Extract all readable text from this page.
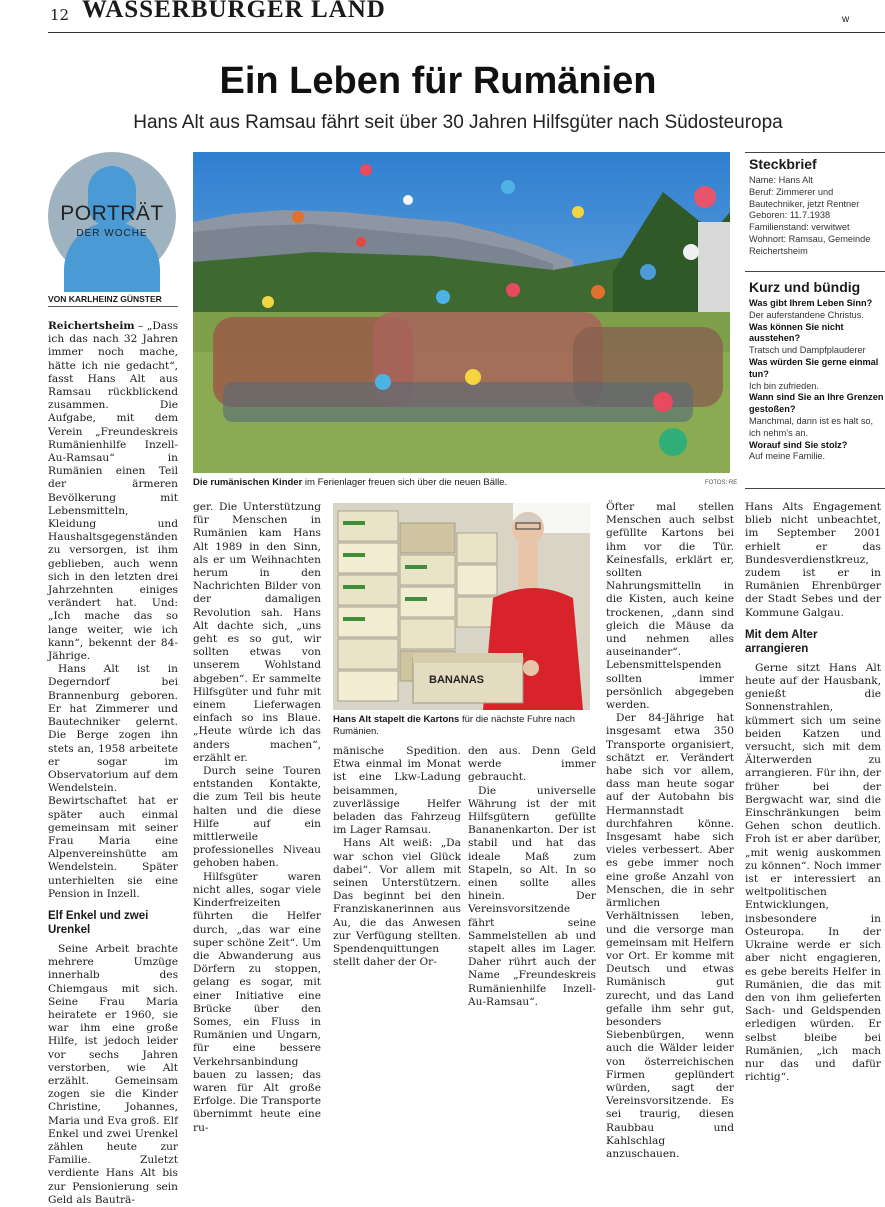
12 WASSERBURGER LAND	w
Ein Leben für Rumänien
Hans Alt aus Ramsau fährt seit über 30 Jahren Hilfsgüter nach Südosteuropa
PORTRÄT
DER WOCHE
VON KARLHEINZ GÜNSTER

Reichertsheim – „Dass ich das nach 32 Jahren immer noch mache, hätte ich nie gedacht“, fasst Hans Alt aus Ramsau rückblickend zusammen. Die Aufgabe, mit dem Verein „Freundeskreis Rumänienhilfe Inzell-Au-Ramsau“ in Rumänien einen Teil der ärmeren Bevölkerung mit Lebensmitteln, Kleidung und Haushaltsgegenständen zu versorgen, ist ihm geblieben, auch wenn sich in den letzten drei Jahrzehnten einiges verändert hat. Und: „Ich mache das so lange weiter, wie ich kann“, bekennt der 84-Jährige.

Hans Alt ist in Degerndorf bei Brannenburg geboren. Er hat Zimmerer und Bautechniker gelernt. Die Berge zogen ihn stets an, 1958 arbeitete er sogar im Observatorium auf dem Wendelstein. Bewirtschaftet hat er später auch einmal gemeinsam mit seiner Frau Maria eine Alpenvereinshütte am Wendelstein. Später unterhielten sie eine Pension in Inzell.

Elf Enkel und zwei Urenkel

Seine Arbeit brachte mehrere Umzüge innerhalb des Chiemgaus mit sich. Seine Frau Maria heiratete er 1960, sie war ihm eine große Hilfe, ist jedoch leider vor sechs Jahren verstorben, wie Alt erzählt. Gemeinsam zogen sie die Kinder Christine, Johannes, Maria und Eva groß. Elf Enkel und zwei Urenkel zählen heute zur Familie. Zuletzt verdiente Hans Alt bis zur Pensionierung sein Geld als Bauträ-

Die rumänischen Kinder im Ferienlager freuen sich über die neuen Bälle.	FOTOS: RE

ger. Die Unterstützung für Menschen in Rumänien kam Hans Alt 1989 in den Sinn, als er um Weihnachten herum in den Nachrichten Bilder von der damaligen Revolution sah. Hans Alt dachte sich, „uns geht es so gut, wir sollten etwas von unserem Wohlstand abgeben“. Er sammelte Hilfsgüter und fuhr mit einem Lieferwagen einfach so ins Blaue. „Heute würde ich das anders machen“, erzählt er.

Durch seine Touren entstanden Kontakte, die zum Teil bis heute halten und die diese Hilfe auf ein mittlerweile professionelles Niveau gehoben haben.

Hilfsgüter waren nicht alles, sogar viele Kinderfreizeiten führten die Helfer durch, „das war eine super schöne Zeit“. Um die Abwanderung aus Dörfern zu stoppen, gelang es sogar, mit einer Initiative eine Brücke über den Somes, ein Fluss in Rumänien und Ungarn, für eine bessere Verkehrsanbindung bauen zu lassen; das waren für Alt große Erfolge. Die Transporte übernimmt heute eine ru-

BANANAS
Hans Alt stapelt die Kartons für die nächste Fuhre nach Rumänien.

mänische Spedition. Etwa einmal im Monat ist eine Lkw-Ladung beisammen, zuverlässige Helfer beladen das Fahrzeug im Lager Ramsau.

Hans Alt weiß: „Da war schon viel Glück dabei“. Vor allem mit seinen Unterstützern. Das beginnt bei den Franziskanerinnen aus Au, die das Anwesen zur Verfügung stellten. Spendenquittungen stellt daher der Or-

den aus. Denn Geld werde immer gebraucht.

Die universelle Währung ist der mit Hilfsgütern gefüllte Bananenkarton. Der ist stabil und hat das ideale Maß zum Stapeln, so Alt. In so einen sollte alles hinein. Der Vereinsvorsitzende fährt seine Sammelstellen ab und stapelt alles im Lager. Daher rührt auch der Name „Freundeskreis Rumänienhilfe Inzell-Au-Ramsau“.

Öfter mal stellen Menschen auch selbst gefüllte Kartons bei ihm vor die Tür. Keinesfalls, erklärt er, sollten Nahrungsmittelln in die Kisten, auch keine trockenen, „dann sind gleich die Mäuse da und nehmen alles auseinander“. Lebensmittelspenden sollten immer persönlich abgegeben werden.

Der 84-Jährige hat insgesamt etwa 350 Transporte organisiert, schätzt er. Verändert habe sich vor allem, dass man heute sogar auf der Autobahn bis Hermannstadt durchfahren könne. Insgesamt habe sich vieles verbessert. Aber es gebe immer noch eine große Anzahl von Menschen, die in sehr ärmlichen Verhältnissen leben, und die versorge man gemeinsam mit Helfern vor Ort. Er komme mit Deutsch und etwas Rumänisch gut zurecht, und das Land gefalle ihm sehr gut, besonders Siebenbürgen, wenn auch die Wälder leider von österreichischen Firmen geplündert würden, sagt der Vereinsvorsitzende. Es sei traurig, diesen Raubbau und Kahlschlag anzuschauen.

Hans Alts Engagement blieb nicht unbeachtet, im September 2001 erhielt er das Bundesverdienstkreuz, zudem ist er in Rumänien Ehrenbürger der Stadt Sebes und der Kommune Galgau.

Mit dem Alter arrangieren

Gerne sitzt Hans Alt heute auf der Hausbank, genießt die Sonnenstrahlen, kümmert sich um seine beiden Katzen und versucht, sich mit dem Älterwerden zu arrangieren. Für ihn, der früher bei der Bergwacht war, sind die Einschränkungen beim Gehen schon deutlich. Froh ist er aber darüber, „mit wenig auskommen zu können“. Noch immer ist er interessiert an weltpolitischen Entwicklungen, insbesondere in Osteuropa. In der Ukraine werde er sich aber nicht engagieren, es gebe bereits Helfer in Rumänien, die das mit den von ihm gelieferten Sach- und Geldspenden erledigen würden. Er selbst bleibe bei Rumänien, „ich mach nur das und dafür richtig“.

Steckbrief
Name: Hans Alt
Beruf: Zimmerer und Bautechniker, jetzt Rentner
Geboren: 11.7.1938
Familienstand: verwitwet
Wohnort: Ramsau, Gemeinde Reichertsheim
Kurz und bündig
Was gibt Ihrem Leben Sinn?
Der auferstandene Christus.
Was können Sie nicht ausstehen?
Tratsch und Dampfplauderer
Was würden Sie gerne einmal tun?
Ich bin zufrieden.
Wann sind Sie an Ihre Grenzen gestoßen?
Manchmal, dann ist es halt so, ich nehm’s an.
Worauf sind Sie stolz?
Auf meine Familie.
